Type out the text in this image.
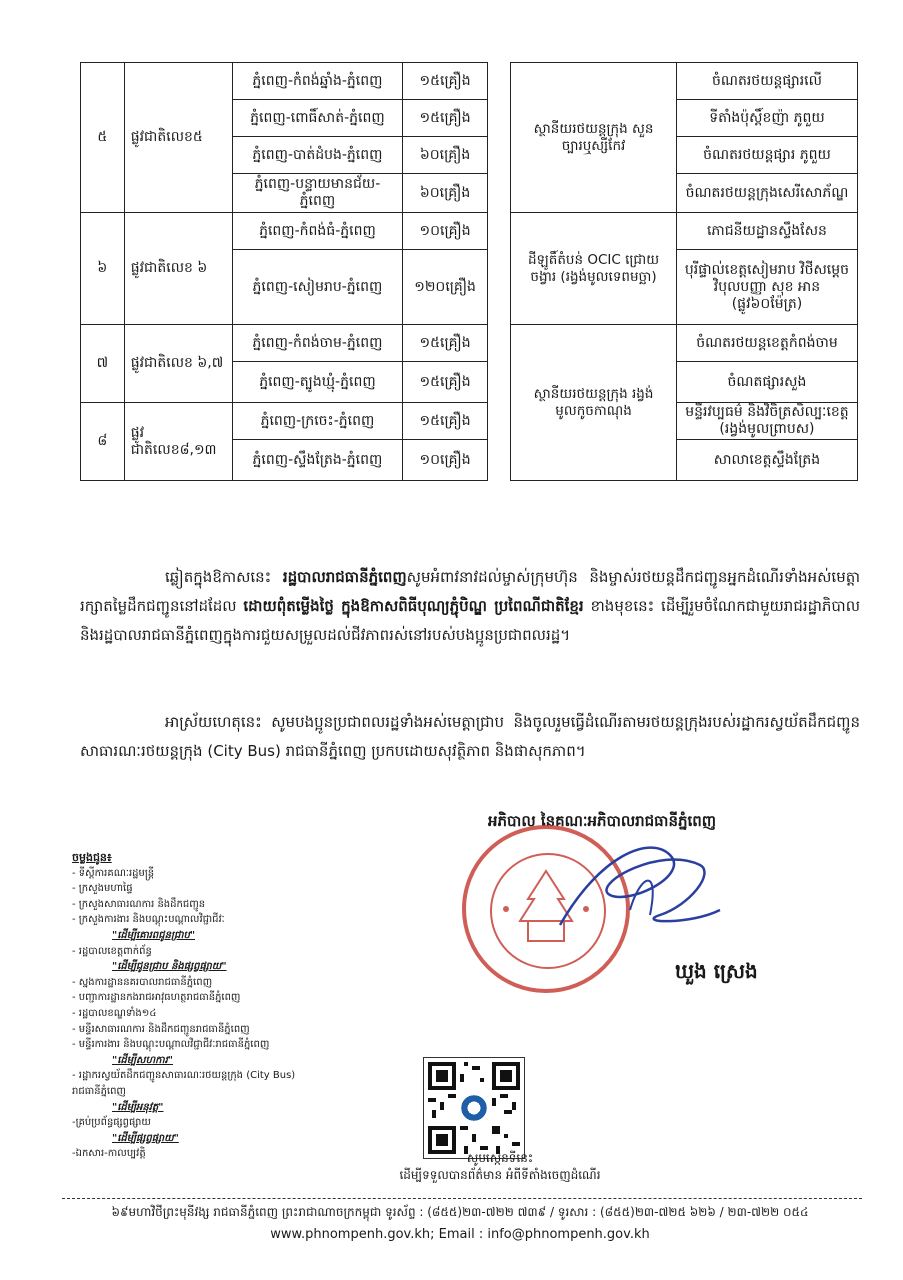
៥	ផ្លូវជាតិលេខ៥	ភ្នំពេញ-កំពង់ឆ្នាំង-ភ្នំពេញ	១៥គ្រឿង		ស្ថានីយរថយន្តក្រុង សួនច្បារឬស្សីកែវ	ចំណតរថយន្តផ្សារលើ
		ភ្នំពេញ-ពោធិ៍សាត់-ភ្នំពេញ	១៥គ្រឿង			ទីតាំងប៉ុស្តិ៍ខញ៉ា ភូពួយ
		ភ្នំពេញ-បាត់ដំបង-ភ្នំពេញ	៦០គ្រឿង			ចំណតរថយន្តផ្សារ ភូពួយ
		ភ្នំពេញ-បន្ទាយមានជ័យ-ភ្នំពេញ	៦០គ្រឿង			ចំណតរថយន្តក្រុងសេរីសោភ័ណ្ឌ
៦	ផ្លូវជាតិលេខ ៦	ភ្នំពេញ-កំពង់ធំ-ភ្នំពេញ	១០គ្រឿង		ដីឡូតិ៍តំបន់ OCIC ជ្រោយចង្វារ (រង្វង់មូលទេពមច្ឆា)	ភោជនីយដ្ឋានស្ទឹងសែន
		ភ្នំពេញ-សៀមរាប-ភ្នំពេញ	១២០គ្រឿង			បុរីផ្ទាល់ខេត្តសៀមរាប វិថីសម្តេចវិបុលបញ្ញា សុខ អាន (ផ្លូវ៦០ម៉ែត្រ)
៧	ផ្លូវជាតិលេខ ៦,៧	ភ្នំពេញ-កំពង់ចាម-ភ្នំពេញ	១៥គ្រឿង		ស្ថានីយរថយន្តក្រុង រង្វង់មូលកូចកាណុង	ចំណតរថយន្តខេត្តកំពង់ចាម
		ភ្នំពេញ-ត្បូងឃ្មុំ-ភ្នំពេញ	១៥គ្រឿង			ចំណតផ្សារសួង
៨	ផ្លូវជាតិលេខ៨,១៣	ភ្នំពេញ-ក្រចេះ-ភ្នំពេញ	១៥គ្រឿង			មន្ទីរវប្បធម៌ និងវិចិត្រសិល្បៈខេត្ត (រង្វង់មូលព្រាបស)
		ភ្នំពេញ-ស្ទឹងត្រែង-ភ្នំពេញ	១០គ្រឿង			សាលាខេត្តស្ទឹងត្រែង
ឆ្លៀតក្នុងឱកាសនេះ រដ្ឋបាលរាជធានីភ្នំពេញសូមអំពាវនាវដល់ម្ចាស់ក្រុមហ៊ុន និងម្ចាស់រថយន្តដឹកជញ្ជូនអ្នកដំណើរទាំងអស់មេត្តារក្សាតម្លៃដឹកជញ្ជូននៅដដែល ដោយពុំតម្លើងថ្លៃ ក្នុងឱកាសពិធីបុណ្យភ្ជុំបិណ្ឌ ប្រពៃណីជាតិខ្មែរ ខាងមុខនេះ ដើម្បីរួមចំណែកជាមួយរាជរដ្ឋាភិបាល និងរដ្ឋបាលរាជធានីភ្នំពេញក្នុងការជួយសម្រួលដល់ជីវភាពរស់នៅរបស់បងប្អូនប្រជាពលរដ្ឋ។
អាស្រ័យហេតុនេះ សូមបងប្អូនប្រជាពលរដ្ឋទាំងអស់មេត្តាជ្រាប និងចូលរួមធ្វើដំណើរតាមរថយន្តក្រុងរបស់រដ្ឋាករស្វយ័តដឹកជញ្ជូនសាធារណៈរថយន្តក្រុង (City Bus) រាជធានីភ្នំពេញ ប្រកបដោយសុវត្ថិភាព និងផាសុកភាព។
អភិបាល នៃគណៈអភិបាលរាជធានីភ្នំពេញ
ឃួង ស្រេង
ចម្លងជូន៖
- ទីស្តីការគណៈរដ្ឋមន្ត្រី
- ក្រសួងមហាផ្ទៃ
- ក្រសួងសាធារណការ និងដឹកជញ្ជូន
- ក្រសួងការងារ និងបណ្តុះបណ្តាលវិជ្ជាជីវៈ
"ដើម្បីគោរពជូនជ្រាប"
- រដ្ឋបាលខេត្តពាក់ព័ន្ធ
"ដើម្បីជូនជ្រាប និងផ្សព្វផ្សាយ"
- ស្នងការដ្ឋាននគរបាលរាជធានីភ្នំពេញ
- បញ្ជាការដ្ឋានកងរាជអាវុធហត្ថរាជធានីភ្នំពេញ
- រដ្ឋបាលខណ្ឌទាំង១៤
- មន្ទីរសាធារណការ និងដឹកជញ្ជូនរាជធានីភ្នំពេញ
- មន្ទីរការងារ និងបណ្តុះបណ្តាលវិជ្ជាជីវៈរាជធានីភ្នំពេញ
"ដើម្បីសហការ"
- រដ្ឋាករស្វយ័តដឹកជញ្ជូនសាធារណៈរថយន្តក្រុង (City Bus)
រាជធានីភ្នំពេញ
"ដើម្បីអនុវត្ត"
-គ្រប់ប្រព័ន្ធផ្សព្វផ្សាយ
"ដើម្បីផ្សព្វផ្សាយ"
-ឯកសារ-កាលប្បវត្តិ	សូមស្កេនទីនេះ
ដើម្បីទទួលបានព័ត៌មាន អំពីទីតាំងចេញដំណើរ
៦៩មហាវិថីព្រះមុនីវង្ស រាជធានីភ្នំពេញ ព្រះរាជាណាចក្រកម្ពុជា ទូរស័ព្ទ : (៨៥៥)២៣-៧២២ ៧៣៩ / ទូរសារ : (៨៥៥)២៣-៧២៥ ៦២៦ / ២៣-៧២២ ០៥៤
www.phnompenh.gov.kh; Email : info@phnompenh.gov.kh
